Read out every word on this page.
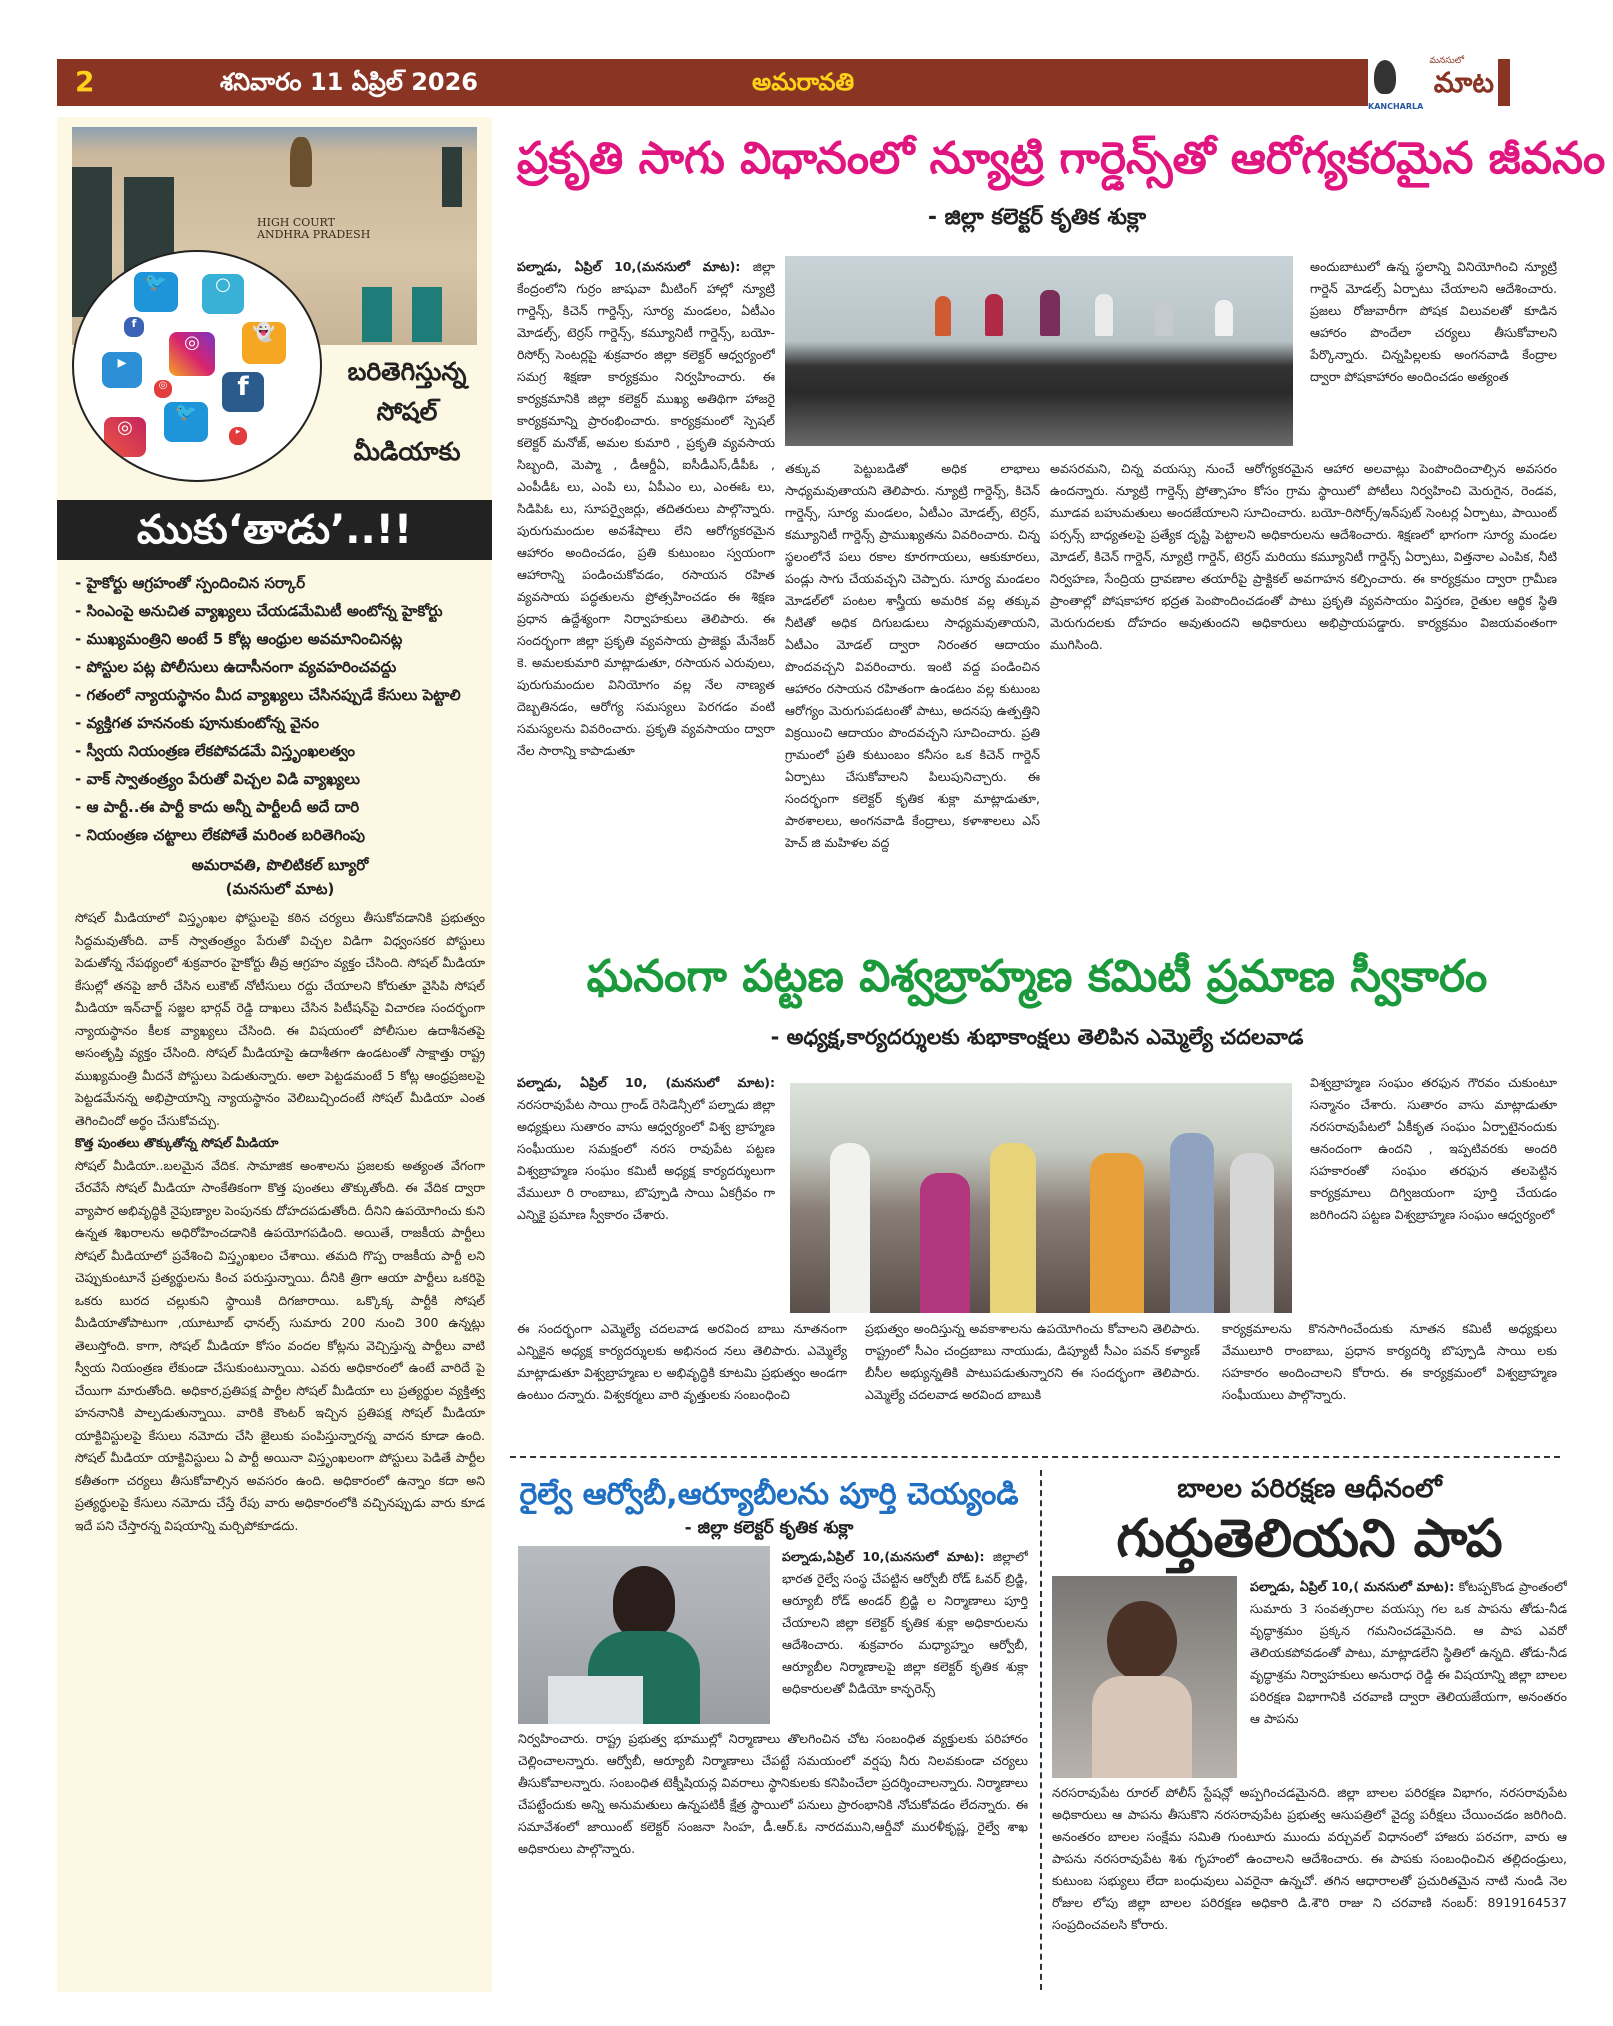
2	శనివారం 11 ఏప్రిల్ 2026	అమరావతి
మనసులో
మాట
KANCHARLA
HIGH COURT
ANDHRA PRADESH
🐦	○
◎	👻
▸
f
f
🐦
◎
◎
▸
బరితెగిస్తున్న
సోషల్
మీడియాకు
ముకు‘తాడు’..!!
- హైకోర్టు ఆగ్రహంతో స్పందించిన సర్కార్
- సింఎంపై అనుచిత వ్యాఖ్యలు చేయడమేమిటీ అంటోన్న హైకోర్టు
- ముఖ్యమంత్రిని అంటే 5 కోట్ల ఆంధ్రుల అవమానించినట్ల
- పోస్టుల పట్ల పోలీసులు ఉదాసీనంగా వ్యవహరించవద్దు
- గతంలో న్యాయస్థానం మీద వ్యాఖ్యలు చేసినప్పుడే కేసులు పెట్టాలి
- వ్యక్తిగత హననంకు పూనుకుంటోన్న వైనం
- స్వీయ నియంత్రణ లేకపోవడమే విస్తృంఖలత్వం
- వాక్ స్వాతంత్ర్యం పేరుతో విచ్చల విడి వ్యాఖ్యలు
- ఆ పార్టీ..ఈ పార్టీ కాదు అన్నీ పార్టీలదీ అదే దారి
- నియంత్రణ చట్టాలు లేకపోతే మరింత బరితెగింపు
అమరావతి, పొలిటికల్ బ్యూరో
(మనసులో మాట)

సోషల్ మీడియాలో విస్తృంఖల ఫోస్టులపై కఠిన చర్యలు తీసుకోవడానికి ప్రభుత్వం సిద్దమవుతోంది. వాక్ స్వాతంత్ర్యం పేరుతో విచ్చల విడిగా విధ్వంసకర పోస్టులు పెడుతోన్న నేపథ్యంలో శుక్రవారం హైకోర్టు తీవ్ర ఆగ్రహం వ్యక్తం చేసింది. సోషల్ మీడియా కేసుల్లో తనపై జారీ చేసిన లుకౌట్ నోటీసులు రద్దు చేయాలని కోరుతూ వైసిపి సోషల్ మీడియా ఇన్‌చార్జ్ సజ్జల భార్గవ్ రెడ్డి దాఖలు చేసిన పిటీషన్‌పై విచారణ సందర్భంగా న్యాయస్థానం కీలక వ్యాఖ్యలు చేసింది. ఈ విషయంలో పోలీసుల ఉదాశీనతపై అసంతృప్తి వ్యక్తం చేసింది. సోషల్ మీడియాపై ఉదాశీతగా ఉండటంతో సాక్షాత్తు రాష్ట్ర ముఖ్యమంత్రి మీదనే పోస్టులు పెడుతున్నారు. అలా పెట్టడమంటే 5 కోట్ల ఆంధ్రప్రజలపై పెట్టడమేనన్న అభిప్రాయాన్ని న్యాయస్థానం వెలిబుచ్చిందంటే సోషల్ మీడియా ఎంత తెగించిందో అర్థం చేసుకోవచ్చు.

కొత్త పుంతలు తొక్కుతోన్న సోషల్ మీడియా

సోషల్ మీడియా..బలమైన వేదిక. సామాజిక అంశాలను ప్రజలకు అత్యంత వేగంగా చేరవేసే సోషల్ మీడియా సాంకేతికంగా కొత్త పుంతలు తొక్కుతోంది. ఈ వేదిక ద్వారా వ్యాపార అభివృద్ధికి నైపుణ్యాల పెంపునకు దోహదపడుతోంది. దీనిని ఉపయోగించు కుని ఉన్నత శిఖరాలను అధిరోహించడానికి ఉపయోగపడింది. అయితే, రాజకీయ పార్టీలు సోషల్ మీడియాలో ప్రవేశించి విస్తృంఖలం చేశాయి. తమది గొప్ప రాజకీయ పార్టీ లని చెప్పుకుంటూనే ప్రత్యర్థులను కించ పరుస్తున్నాయి. దీనికి త్రిగా ఆయా పార్టీలు ఒకరిపై ఒకరు బురద చల్లుకుని స్థాయికి దిగజారాయి. ఒక్కొక్క పార్టీకి సోషల్ మీడియాతోపాటుగా ,యూటూబ్ ఛానల్స్ సుమారు 200 నుంచి 300 ఉన్నట్లు తెలుస్తోంది. కాగా, సోషల్ మీడియా కోసం వందల కోట్లను వెచ్చిస్తున్న పార్టీలు వాటి స్వీయ నియంత్రణ లేకుండా చేసుకుంటున్నాయి. ఎవరు అధికారంలో ఉంటే వారిదే పై చేయిగా మారుతోంది. అధికార,ప్రతిపక్ష పార్టీల సోషల్ మీడియా లు ప్రత్యర్థుల వ్యక్తిత్వ హననానికి పాల్పడుతున్నాయి. వారికి కౌంటర్ ఇచ్చిన ప్రతిపక్ష సోషల్ మీడియా యాక్టివిస్టులపై కేసులు నమోదు చేసి జైలుకు పంపిస్తున్నారన్న వాదన కూడా ఉంది. సోషల్ మీడియా యాక్టివిస్టులు ఏ పార్టీ అయినా విస్తృంఖలంగా పోస్టులు పెడితే పార్టీల కతీతంగా చర్యలు తీసుకోవాల్సిన అవసరం ఉంది. అధికారంలో ఉన్నాం కదా అని ప్రత్యర్థులపై కేసులు నమోదు చేస్తే రేపు వారు అధికారంలోకి వచ్చినప్పుడు వారు కూడ ఇదే పని చేస్తారన్న విషయాన్ని మర్చిపోకూడదు.

ప్రకృతి సాగు విధానంలో న్యూట్రి గార్డెన్స్‌తో ఆరోగ్యకరమైన జీవనం
- జిల్లా కలెక్టర్ కృతిక శుక్లా
పల్నాడు, ఏప్రిల్ 10,(మనసులో మాట): జిల్లా కేంద్రంలోని గుర్రం జాషువా మీటింగ్ హాల్లో న్యూట్రి గార్డెన్స్, కిచెన్ గార్డెన్స్, సూర్య మండలం, ఏటీఎం మోడల్స్, టెర్రస్ గార్డెన్స్, కమ్యూనిటీ గార్డెన్స్, బయో-రిసోర్స్ సెంటర్లపై శుక్రవారం జిల్లా కలెక్టర్ ఆధ్వర్యంలో సమగ్ర శిక్షణా కార్యక్రమం నిర్వహించారు. ఈ కార్యక్రమానికి జిల్లా కలెక్టర్ ముఖ్య అతిథిగా హాజరై కార్యక్రమాన్ని ప్రారంభించారు. కార్యక్రమంలో స్పెషల్ కలెక్టర్ మనోజ్, అమల కుమారి , ప్రకృతి వ్యవసాయ సిబ్బంది, మెప్మా , డీఆర్డీఏ, ఐసీడీఎస్,డీపీఓ , ఎంపీడీఓ లు, ఎంపి లు, ఏపీఎం లు, ఎంఈఓ లు, సిడిపిఓ లు, సూపర్వైజర్లు, తదితరులు పాల్గొన్నారు. పురుగుమందుల అవశేషాలు లేని ఆరోగ్యకరమైన ఆహారం అందించడం, ప్రతి కుటుంబం స్వయంగా ఆహారాన్ని పండించుకోవడం, రసాయన రహిత వ్యవసాయ పద్ధతులను ప్రోత్సహించడం ఈ శిక్షణ ప్రధాన ఉద్దేశ్యంగా నిర్వాహకులు తెలిపారు. ఈ సందర్భంగా జిల్లా ప్రకృతి వ్యవసాయ ప్రాజెక్టు మేనేజర్ కె. అమలకుమారి మాట్లాడుతూ, రసాయన ఎరువులు, పురుగుమందుల వినియోగం వల్ల నేల నాణ్యత దెబ్బతినడం, ఆరోగ్య సమస్యలు పెరగడం వంటి సమస్యలను వివరించారు. ప్రకృతి వ్యవసాయం ద్వారా నేల సారాన్ని కాపాడుతూ
అందుబాటులో ఉన్న స్థలాన్ని వినియోగించి న్యూట్రి గార్డెన్ మోడల్స్ ఏర్పాటు చేయాలని ఆదేశించారు. ప్రజలు రోజువారీగా పోషక విలువలతో కూడిన ఆహారం పొందేలా చర్యలు తీసుకోవాలని పేర్కొన్నారు. చిన్నపిల్లలకు అంగనవాడి కేంద్రాల ద్వారా పోషకాహారం అందించడం అత్యంత
తక్కువ పెట్టుబడితో అధిక లాభాలు సాధ్యమవుతాయని తెలిపారు. న్యూట్రి గార్డెన్స్, కిచెన్ గార్డెన్స్, సూర్య మండలం, ఏటీఎం మోడల్స్, టెర్రస్, కమ్యూనిటీ గార్డెన్స్ ప్రాముఖ్యతను వివరించారు. చిన్న స్థలంలోనే పలు రకాల కూరగాయలు, ఆకుకూరలు, పండ్లు సాగు చేయవచ్చని చెప్పారు. సూర్య మండలం మోడల్‌లో పంటల శాస్త్రీయ అమరిక వల్ల తక్కువ నీటితో అధిక దిగుబడులు సాధ్యమవుతాయని, ఏటీఎం మోడల్ ద్వారా నిరంతర ఆదాయం పొందవచ్చని వివరించారు. ఇంటి వద్ద పండించిన ఆహారం రసాయన రహితంగా ఉండటం వల్ల కుటుంబ ఆరోగ్యం మెరుగుపడటంతో పాటు, అదనపు ఉత్పత్తిని విక్రయించి ఆదాయం పొందవచ్చని సూచించారు. ప్రతి గ్రామంలో ప్రతి కుటుంబం కనీసం ఒక కిచెన్ గార్డెన్ ఏర్పాటు చేసుకోవాలని పిలుపునిచ్చారు. ఈ సందర్భంగా కలెక్టర్ కృతిక శుక్లా మాట్లాడుతూ, పాఠశాలలు, అంగనవాడి కేంద్రాలు, కళాశాలలు ఎస్ హెచ్ జి మహిళల వద్ద
అవసరమని, చిన్న వయస్సు నుంచే ఆరోగ్యకరమైన ఆహార అలవాట్లు పెంపొందించాల్సిన అవసరం ఉందన్నారు. న్యూట్రి గార్డెన్స్ ప్రోత్సాహం కోసం గ్రామ స్థాయిలో పోటీలు నిర్వహించి మెరుగైన, రెండవ, మూడవ బహుమతులు అందజేయాలని సూచించారు. బయో-రిసోర్స్/ఇన్‌పుట్ సెంటర్ల ఏర్పాటు, పాయింట్ పర్సన్స్ బాధ్యతలపై ప్రత్యేక దృష్టి పెట్టాలని అధికారులను ఆదేశించారు. శిక్షణలో భాగంగా సూర్య మండల మోడల్, కిచెన్ గార్డెన్, న్యూట్రి గార్డెన్, టెర్రస్ మరియు కమ్యూనిటీ గార్డెన్స్ ఏర్పాటు, విత్తనాల ఎంపిక, నీటి నిర్వహణ, సేంద్రియ ద్రావణాల తయారీపై ప్రాక్టికల్ అవగాహన కల్పించారు. ఈ కార్యక్రమం ద్వారా గ్రామీణ ప్రాంతాల్లో పోషకాహార భద్రత పెంపొందించడంతో పాటు ప్రకృతి వ్యవసాయం విస్తరణ, రైతుల ఆర్థిక స్థితి మెరుగుదలకు దోహదం అవుతుందని అధికారులు అభిప్రాయపడ్డారు. కార్యక్రమం విజయవంతంగా ముగిసింది.
ఘనంగా పట్టణ విశ్వబ్రాహ్మణ కమిటీ ప్రమాణ స్వీకారం
- అధ్యక్ష,కార్యదర్శులకు శుభాకాంక్షలు తెలిపిన ఎమ్మెల్యే చదలవాడ
పల్నాడు, ఏప్రిల్ 10, (మనసులో మాట): నరసరావుపేట సాయి గ్రాండ్ రెసిడెన్సీలో పల్నాడు జిల్లా అధ్యక్షులు సుతారం వాసు ఆధ్వర్యంలో విశ్వ బ్రాహ్మణ సంఘీయుల సమక్షంలో నరస రావుపేట పట్టణ విశ్వబ్రాహ్మణ సంఘం కమిటీ అధ్యక్ష కార్యదర్శులుగా వేములూ రి రాంబాబు, బొప్పూడి సాయి ఏకగ్రీవం గా ఎన్నికై ప్రమాణ స్వీకారం చేశారు.
విశ్వబ్రాహ్మణ సంఘం తరఫున గౌరవం చుకుంటూ సన్మానం చేశారు. సుతారం వాసు మాట్లాడుతూ నరసరావుపేటలో ఏకీకృత సంఘం ఏర్పాటైనందుకు ఆనందంగా ఉందని , ఇప్పటివరకు అందరి సహకారంతో సంఘం తరఫున తలపెట్టిన కార్యక్రమాలు దిగ్విజయంగా పూర్తి చేయడం జరిగిందని పట్టణ విశ్వబ్రాహ్మణ సంఘం ఆధ్వర్యంలో
ఈ సందర్భంగా ఎమ్మెల్యే చదలవాడ అరవింద బాబు నూతనంగా ఎన్నికైన అధ్యక్ష కార్యదర్శులకు అభినంద నలు తెలిపారు. ఎమ్మెల్యే మాట్లాడుతూ విశ్వబ్రాహ్మణు ల అభివృద్ధికి కూటమి ప్రభుత్వం అండగా ఉంటుం దన్నారు. విశ్వకర్మలు వారి వృత్తులకు సంబంధించి
ప్రభుత్వం అందిస్తున్న అవకాశాలను ఉపయోగించు కోవాలని తెలిపారు. రాష్ట్రంలో సీఎం చంద్రబాబు నాయుడు, డిప్యూటీ సీఎం పవన్ కళ్యాణ్ బీసీల అభ్యున్నతికి పాటుపడుతున్నారని ఈ సందర్భంగా తెలిపారు. ఎమ్మెల్యే చదలవాడ అరవింద బాబుకి
కార్యక్రమాలను కొనసాగించేందుకు నూతన కమిటీ అధ్యక్షులు వేములూరి రాంబాబు, ప్రధాన కార్యదర్శి బొప్పూడి సాయి లకు సహకారం అందించాలని కోరారు. ఈ కార్యక్రమంలో విశ్వబ్రాహ్మణ సంఘీయులు పాల్గొన్నారు.
రైల్వే ఆర్వోబీ,ఆర్యూబీలను పూర్తి చెయ్యండి
- జిల్లా కలెక్టర్ కృతిక శుక్లా
పల్నాడు,ఏప్రిల్ 10,(మనసులో మాట): జిల్లాలో భారత రైల్వే సంస్థ చేపట్టిన ఆర్వోబీ రోడ్ ఓవర్ బ్రిడ్జి, ఆర్యూబీ రోడ్ అండర్ బ్రిడ్జి ల నిర్మాణాలు పూర్తి చేయాలని జిల్లా కలెక్టర్ కృతిక శుక్లా అధికారులను ఆదేశించారు. శుక్రవారం మధ్యాహ్నం ఆర్వోబీ, ఆర్యూబీల నిర్మాణాలపై జిల్లా కలెక్టర్ కృతిక శుక్లా అధికారులతో వీడియో కాన్ఫరెన్స్
నిర్వహించారు. రాష్ట్ర ప్రభుత్వ భూముల్లో నిర్మాణాలు తొలగించిన చోట సంబంధిత వ్యక్తులకు పరిహారం చెల్లించాలన్నారు. ఆర్వోబీ, ఆర్యూబీ నిర్మాణాలు చేపట్టే సమయంలో వర్షపు నీరు నిలవకుండా చర్యలు తీసుకోవాలన్నారు. సంబంధిత టెక్నీషియన్ల వివరాలు స్థానికులకు కనిపించేలా ప్రదర్శించాలన్నారు. నిర్మాణాలు చేపట్టేందుకు అన్ని అనుమతులు ఉన్నపటికీ క్షేత్ర స్థాయిలో పనులు ప్రారంభానికి నోచుకోవడం లేదన్నారు. ఈ సమావేశంలో జాయింట్ కలెక్టర్ సంజనా సింహ, డీ.ఆర్.ఓ నారదముని,ఆర్డీవో మురళీకృష్ణ, రైల్వే శాఖ అధికారులు పాల్గొన్నారు.
బాలల పరిరక్షణ ఆధీనంలో
గుర్తుతెలియని పాప
పల్నాడు, ఏప్రిల్ 10,( మనసులో మాట): కోటప్పకొండ ప్రాంతంలో సుమారు 3 సంవత్సరాల వయస్సు గల ఒక పాపను తోడు-నీడ వృద్ధాశ్రమం ప్రక్కన గమనించడమైనది. ఆ పాప ఎవరో తెలియకపోవడంతో పాటు, మాట్లాడలేని స్థితిలో ఉన్నది. తోడు-నీడ వృద్ధాశ్రమ నిర్వాహకులు అనురాధ రెడ్డి ఈ విషయాన్ని జిల్లా బాలల పరిరక్షణ విభాగానికి చరవాణి ద్వారా తెలియజేయగా, అనంతరం ఆ పాపను
నరసరావుపేట రూరల్ పోలీస్ స్టేషన్లో అప్పగించడమైనది. జిల్లా బాలల పరిరక్షణ విభాగం, నరసరావుపేట అధికారులు ఆ పాపను తీసుకొని నరసరావుపేట ప్రభుత్వ ఆసుపత్రిలో వైద్య పరీక్షలు చేయించడం జరిగింది. అనంతరం బాలల సంక్షేమ సమితి గుంటూరు ముందు వర్చువల్ విధానంలో హాజరు పరచగా, వారు ఆ పాపను నరసరావుపేట శిశు గృహంలో ఉంచాలని ఆదేశించారు. ఈ పాపకు సంబంధించిన తల్లిదండ్రులు, కుటుంబ సభ్యులు లేదా బంధువులు ఎవరైనా ఉన్నచో. తగిన ఆధారాలతో ప్రచురితమైన నాటి నుండి నెల రోజుల లోపు జిల్లా బాలల పరిరక్షణ అధికారి డి.శౌరి రాజు ని చరవాణి నంబర్: 8919164537 సంప్రదించవలసి కోరారు.
